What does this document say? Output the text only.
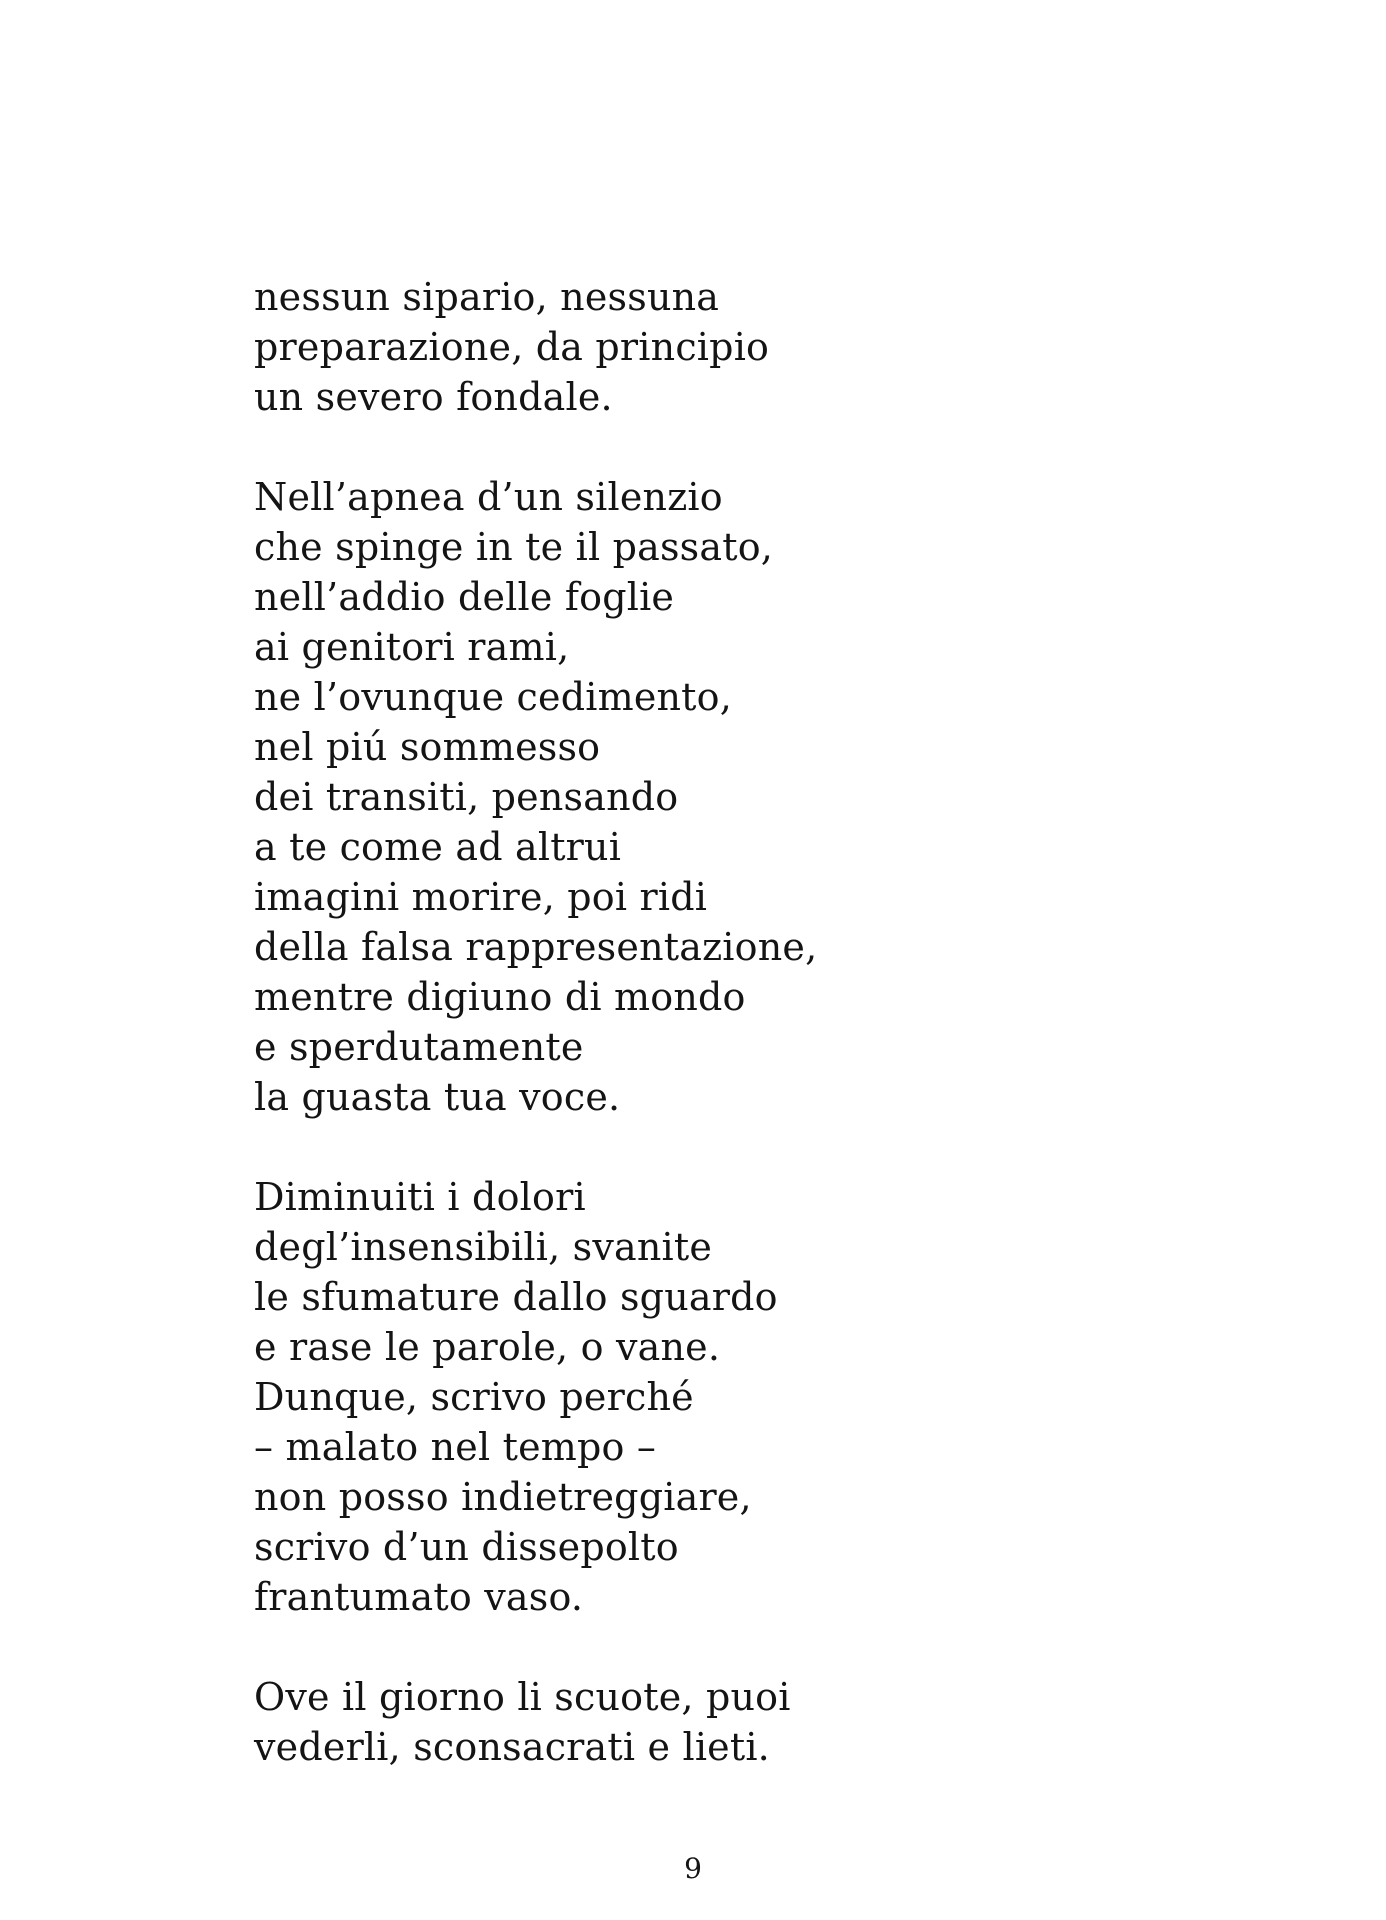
nessun sipario, nessuna
preparazione, da principio
un severo fondale.
Nell’apnea d’un silenzio
che spinge in te il passato,
nell’addio delle foglie
ai genitori rami,
ne l’ovunque cedimento,
nel piú sommesso
dei transiti, pensando
a te come ad altrui
imagini morire, poi ridi
della falsa rappresentazione,
mentre digiuno di mondo
e sperdutamente
la guasta tua voce.
Diminuiti i dolori
degl’insensibili, svanite
le sfumature dallo sguardo
e rase le parole, o vane.
Dunque, scrivo perché
– malato nel tempo –
non posso indietreggiare,
scrivo d’un dissepolto
frantumato vaso.
Ove il giorno li scuote, puoi
vederli, sconsacrati e lieti.
9
